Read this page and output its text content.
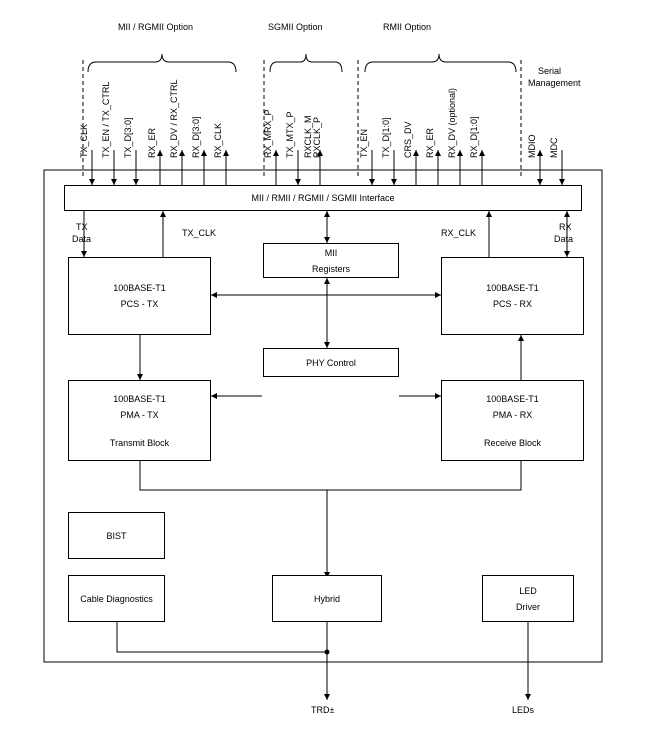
MII / RGMII Option	SGMII Option	RMII Option
Serial
Management
TX_CLK TX_EN / TX_CTRL TX_D[3:0] RX_ER RX_DV / RX_CTRL RX_D[3:0] RX_CLK	RX_MRX_P TX_MTX_P RXCLK_M RXCLK_P	TX_EN TX_D[1:0] CRS_DV RX_ER RX_DV (optional) RX_D[1:0]	MDIO MDC
MII / RMII / RGMII / SGMII Interface
TX
Data
TX_CLK	RX_CLK
RX
Data
100BASE-T1
PCS - TX
MII
Registers
100BASE-T1
PCS - RX
PHY Control
100BASE-T1
PMA - TX
Transmit Block
100BASE-T1
PMA - RX
Receive Block
BIST
Cable Diagnostics	Hybrid
LED
Driver
TRD±	LEDs
